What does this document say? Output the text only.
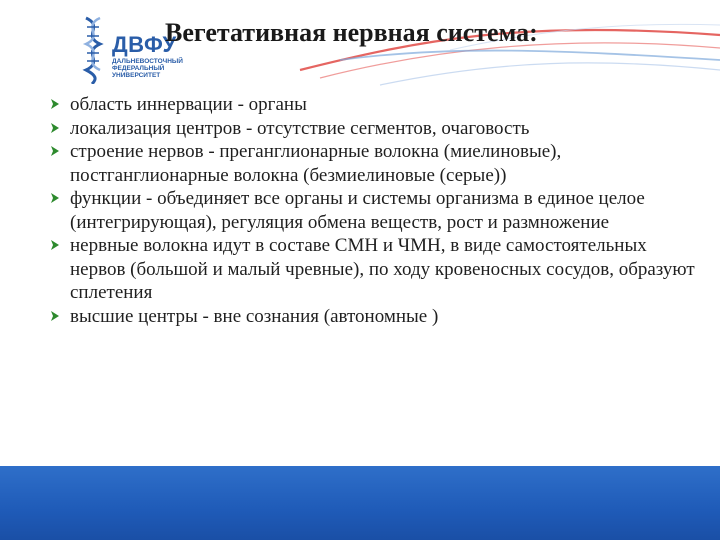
ДВФУ
ДАЛЬНЕВОСТОЧНЫЙ
ФЕДЕРАЛЬНЫЙ
УНИВЕРСИТЕТ
Вегетативная нервная система:
область иннервации - органы
локализация центров - отсутствие сегментов, очаговость
строение нервов - преганглионарные волокна (миелиновые), постганглионарные волокна (безмиелиновые (серые))
функции - объединяет все органы и системы организма в единое целое (интегрирующая), регуляция обмена веществ, рост и размножение
нервные волокна идут в составе СМН и ЧМН, в виде самостоятельных нервов (большой и малый чревные), по ходу кровеносных сосудов, образуют сплетения
высшие центры - вне сознания (автономные )
